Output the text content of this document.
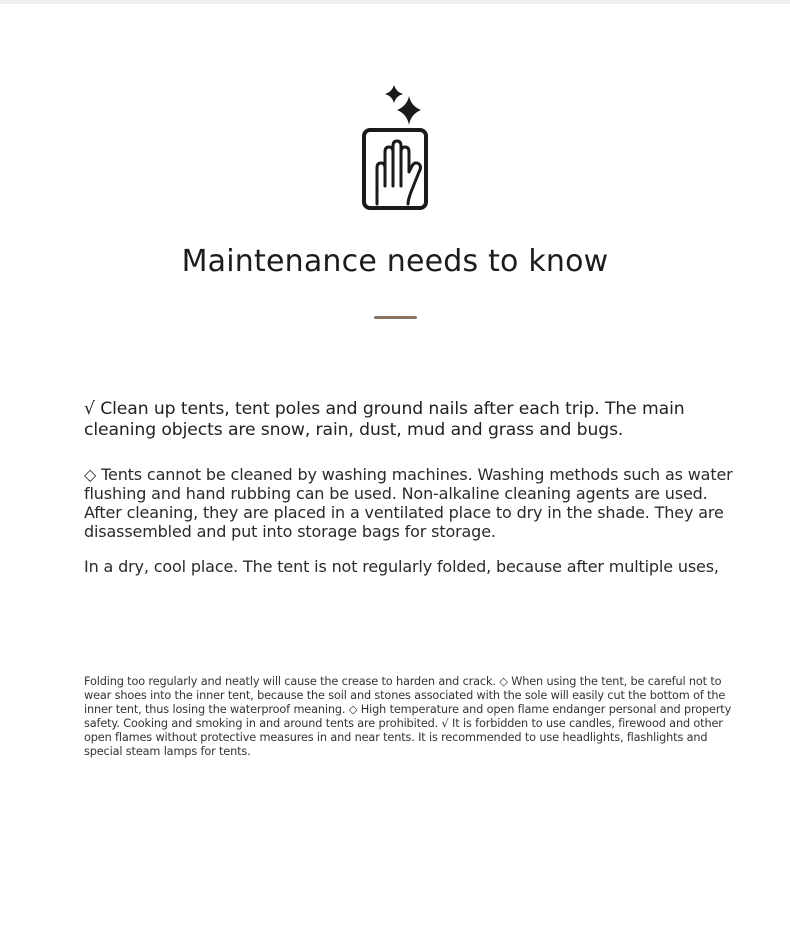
Maintenance needs to know

√ Clean up tents, tent poles and ground nails after each trip. The main cleaning objects are snow, rain, dust, mud and grass and bugs.

◇ Tents cannot be cleaned by washing machines. Washing methods such as water flushing and hand rubbing can be used. Non-alkaline cleaning agents are used. After cleaning, they are placed in a ventilated place to dry in the shade. They are disassembled and put into storage bags for storage.

In a dry, cool place. The tent is not regularly folded, because after multiple uses,

Folding too regularly and neatly will cause the crease to harden and crack. ◇ When using the tent, be careful not to wear shoes into the inner tent, because the soil and stones associated with the sole will easily cut the bottom of the inner tent, thus losing the waterproof meaning. ◇ High temperature and open flame endanger personal and property safety. Cooking and smoking in and around tents are prohibited. √ It is forbidden to use candles, firewood and other open flames without protective measures in and near tents. It is recommended to use headlights, flashlights and special steam lamps for tents.
